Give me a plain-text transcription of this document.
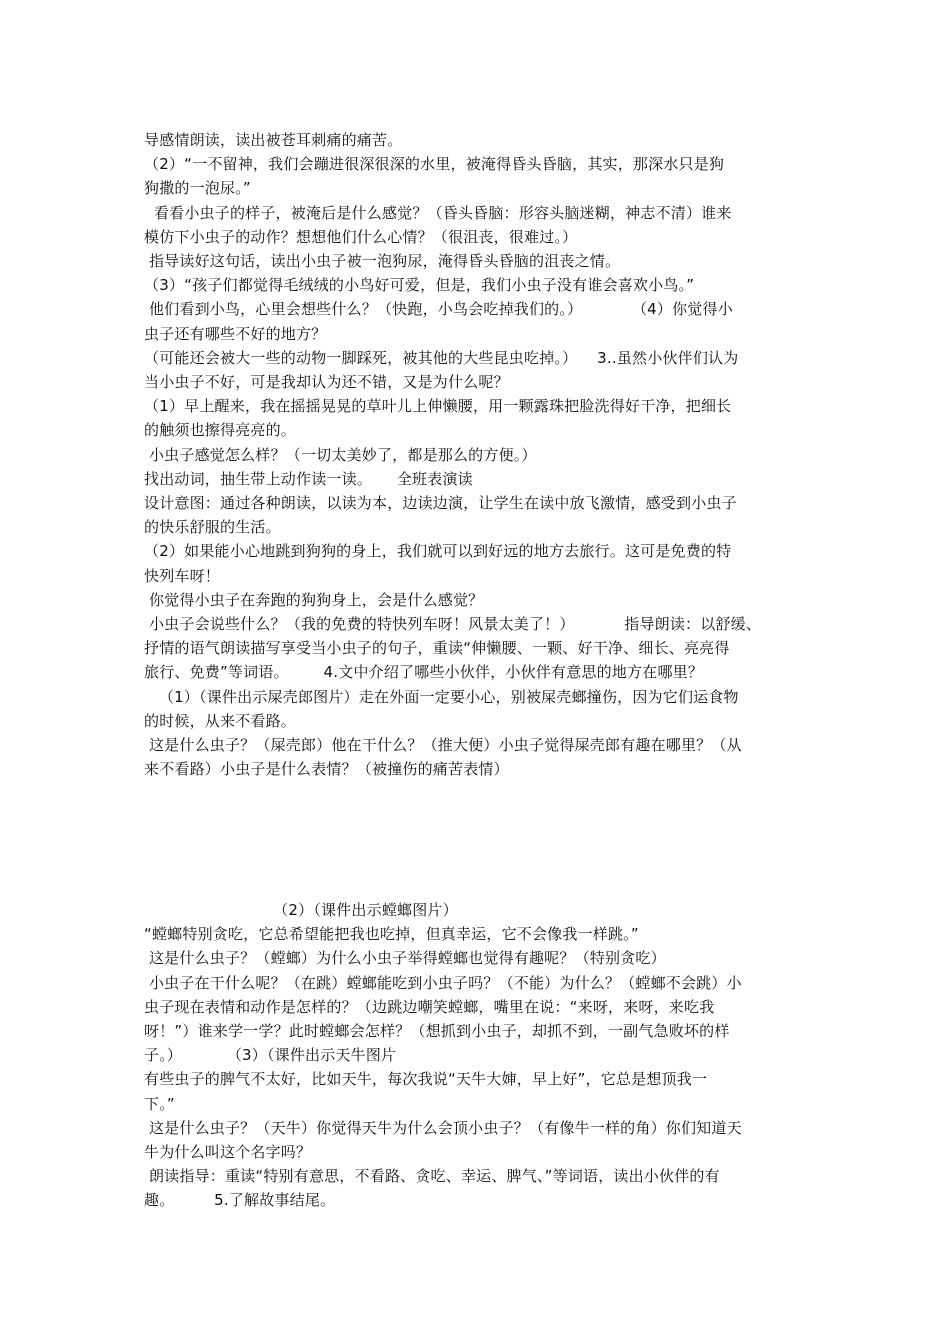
导感情朗读，读出被苍耳刺痛的痛苦。

（2）“一不留神，我们会蹦进很深很深的水里，被淹得昏头昏脑，其实，那深水只是狗

狗撒的一泡尿。”

看看小虫子的样子，被淹后是什么感觉？（昏头昏脑：形容头脑迷糊，神志不清）谁来

模仿下小虫子的动作？想想他们什么心情？（很沮丧，很难过。）

指导读好这句话，读出小虫子被一泡狗尿，淹得昏头昏脑的沮丧之情。

（3）“孩子们都觉得毛绒绒的小鸟好可爱，但是，我们小虫子没有谁会喜欢小鸟。”

他们看到小鸟，心里会想些什么？（快跑，小鸟会吃掉我们的。）          （4）你觉得小

虫子还有哪些不好的地方？

（可能还会被大一些的动物一脚踩死，被其他的大些昆虫吃掉。）    3..虽然小伙伴们认为

当小虫子不好，可是我却认为还不错，又是为什么呢？

（1）早上醒来，我在摇摇晃晃的草叶儿上伸懒腰，用一颗露珠把脸洗得好干净，把细长

的触须也擦得亮亮的。

小虫子感觉怎么样？（一切太美妙了，都是那么的方便。）

找出动词，抽生带上动作读一读。     全班表演读

设计意图：通过各种朗读，以读为本，边读边演，让学生在读中放飞激情，感受到小虫子

的快乐舒服的生活。

（2）如果能小心地跳到狗狗的身上，我们就可以到好远的地方去旅行。这可是免费的特

快列车呀！

你觉得小虫子在奔跑的狗狗身上，会是什么感觉？

小虫子会说些什么？（我的免费的特快列车呀！风景太美了！）          指导朗读：以舒缓、

抒情的语气朗读描写享受当小虫子的句子，重读“伸懒腰、一颗、好干净、细长、亮亮得

旅行、免费”等词语。       4.文中介绍了哪些小伙伴，小伙伴有意思的地方在哪里？

（1）（课件出示屎壳郎图片）走在外面一定要小心，别被屎壳螂撞伤，因为它们运食物

的时候，从来不看路。

这是什么虫子？（屎壳郎）他在干什么？（推大便）小虫子觉得屎壳郎有趣在哪里？（从

来不看路）小虫子是什么表情？（被撞伤的痛苦表情）

（2）（课件出示螳螂图片）

“螳螂特别贪吃，它总希望能把我也吃掉，但真幸运，它不会像我一样跳。”

这是什么虫子？（螳螂）为什么小虫子举得螳螂也觉得有趣呢？（特别贪吃）

小虫子在干什么呢？（在跳）螳螂能吃到小虫子吗？（不能）为什么？（螳螂不会跳）小

虫子现在表情和动作是怎样的？（边跳边嘲笑螳螂，嘴里在说：“来呀，来呀，来吃我

呀！”）谁来学一学？此时螳螂会怎样？（想抓到小虫子，却抓不到，一副气急败坏的样

子。）         （3）（课件出示天牛图片

有些虫子的脾气不太好，比如天牛，每次我说“天牛大婶，早上好”，它总是想顶我一

下。”

这是什么虫子？（天牛）你觉得天牛为什么会顶小虫子？（有像牛一样的角）你们知道天

牛为什么叫这个名字吗？

朗读指导：重读“特别有意思，不看路、贪吃、幸运、脾气、”等词语，读出小伙伴的有

趣。        5.了解故事结尾。
